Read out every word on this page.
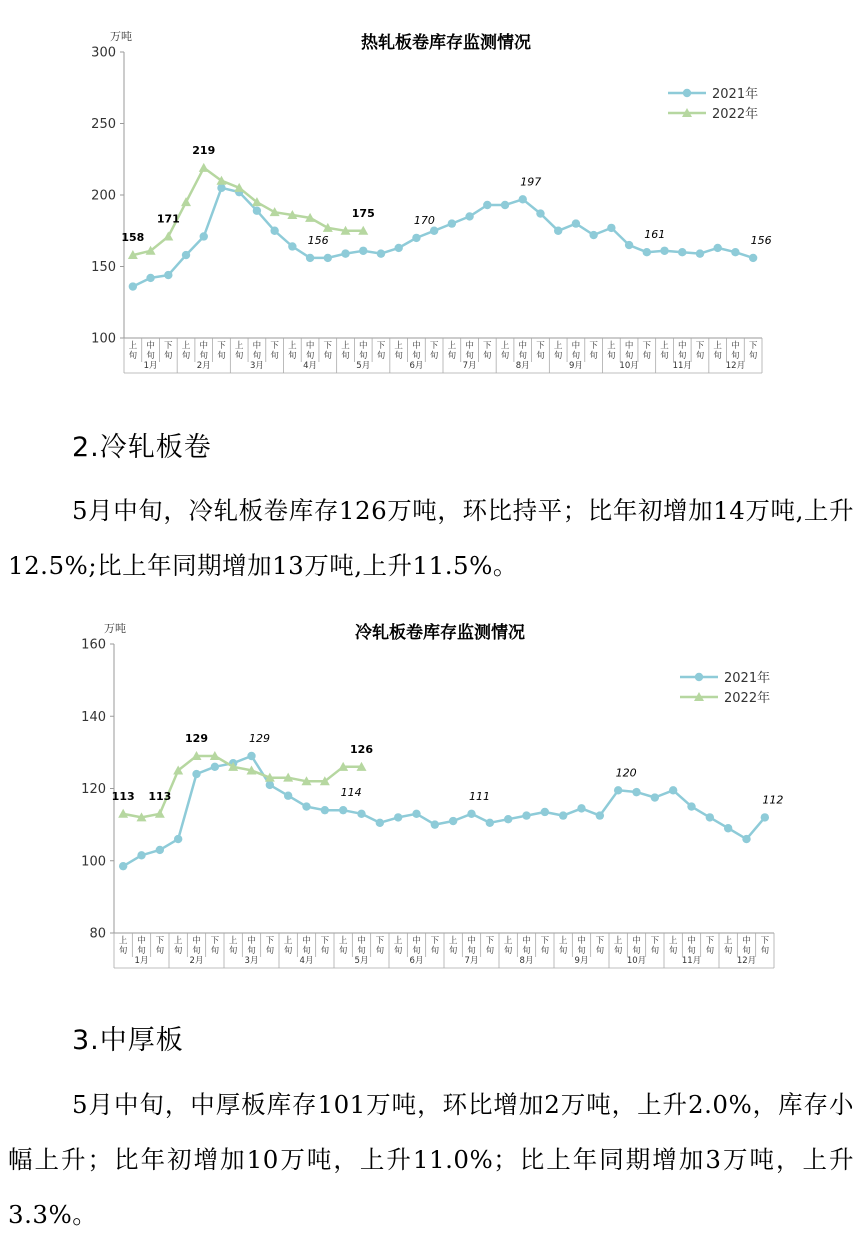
热轧板卷库存监测情况
万吨
100
150
200
250
300
上
旬
中
旬
下
旬
上
旬
中
旬
下
旬
上
旬
中
旬
下
旬
上
旬
中
旬
下
旬
上
旬
中
旬
下
旬
上
旬
中
旬
下
旬
上
旬
中
旬
下
旬
上
旬
中
旬
下
旬
上
旬
中
旬
下
旬
上
旬
中
旬
下
旬
上
旬
中
旬
下
旬
上
旬
中
旬
下
旬
1月	2月	3月	4月	5月	6月	7月	8月	9月	10月	11月	12月
156
170
197
161	156
158
171
219
175
2021年
2022年
2.冷轧板卷

5月中旬，冷轧板卷库存126万吨，环比持平；比年初增加14万吨,上升12.5%;比上年同期增加13万吨,上升11.5%。

冷轧板卷库存监测情况
万吨
80
100
120
140
160
上
旬
中
旬
下
旬
上
旬
中
旬
下
旬
上
旬
中
旬
下
旬
上
旬
中
旬
下
旬
上
旬
中
旬
下
旬
上
旬
中
旬
下
旬
上
旬
中
旬
下
旬
上
旬
中
旬
下
旬
上
旬
中
旬
下
旬
上
旬
中
旬
下
旬
上
旬
中
旬
下
旬
上
旬
中
旬
下
旬
1月	2月	3月	4月	5月	6月	7月	8月	9月	10月	11月	12月
129
114	111
120
112
113 113
129
126
2021年
2022年
3.中厚板

5月中旬，中厚板库存101万吨，环比增加2万吨，上升2.0%，库存小幅上升；比年初增加10万吨，上升11.0%；比上年同期增加3万吨，上升3.3%。
